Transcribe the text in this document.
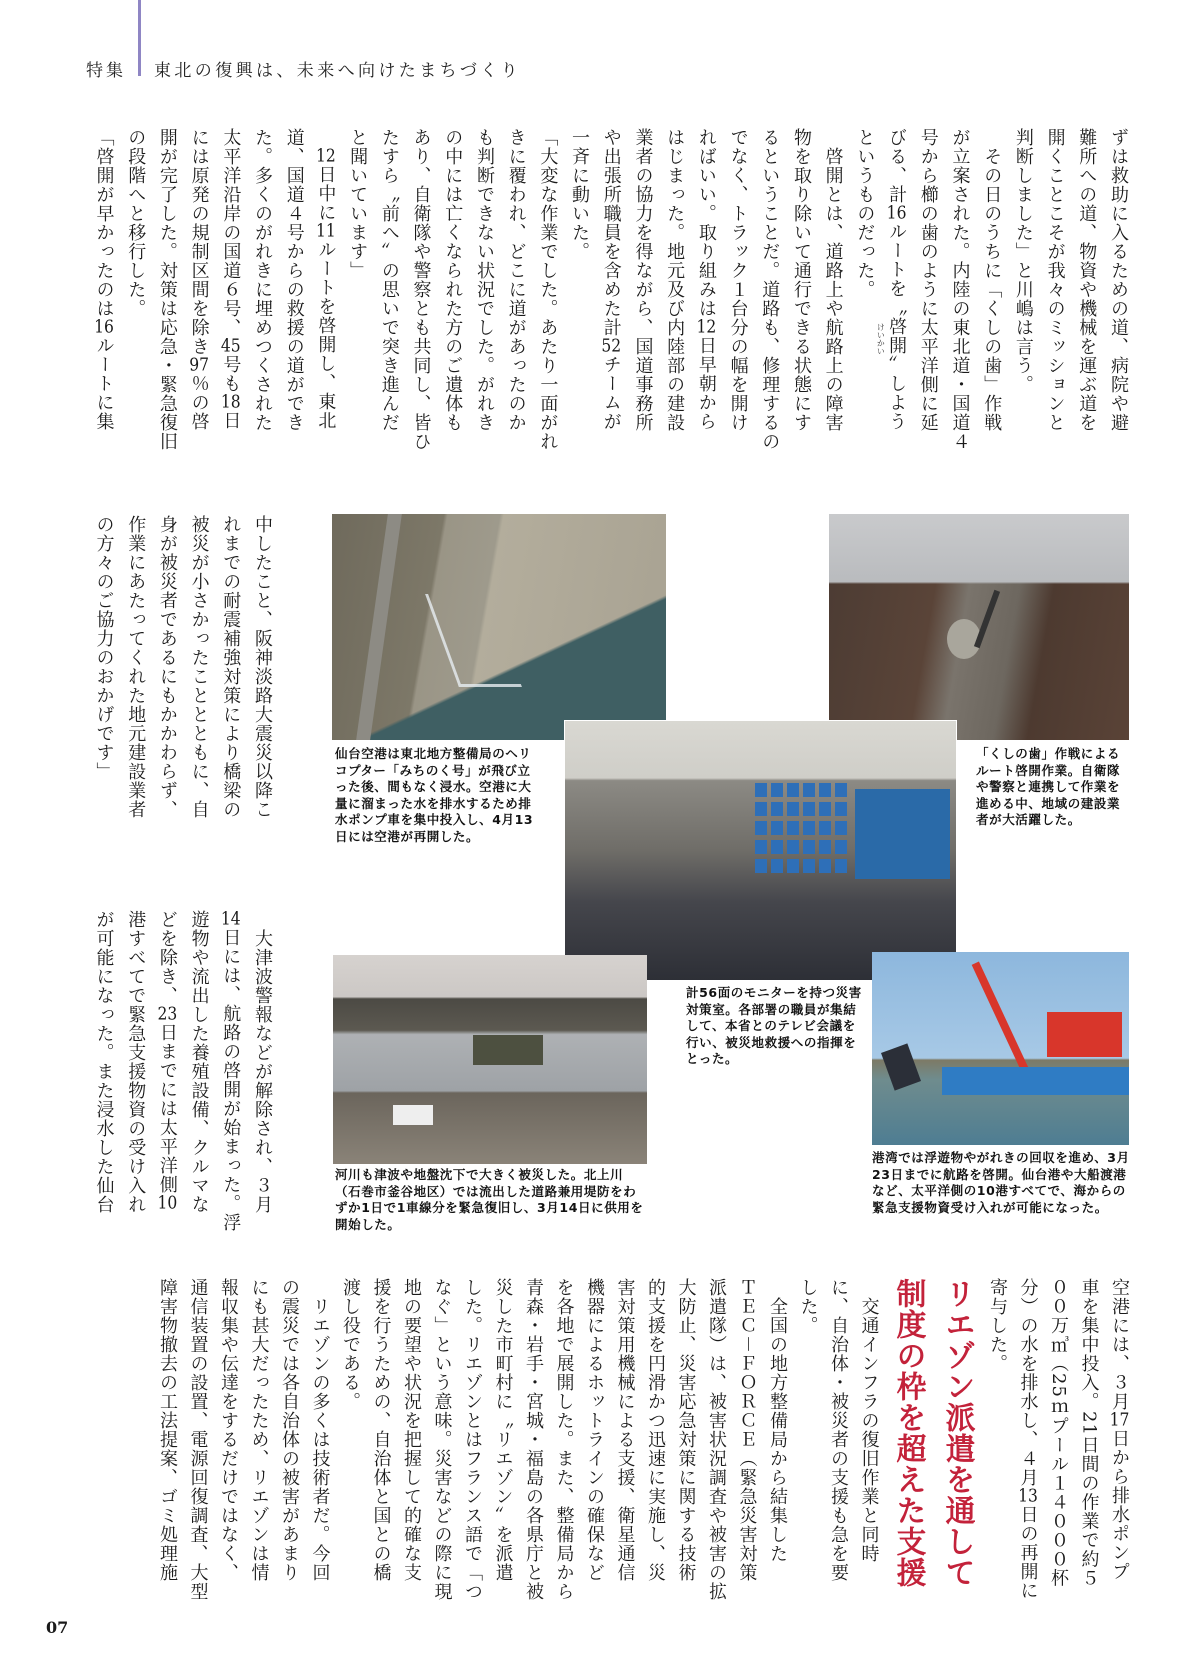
特集 東北の復興は、未来へ向けたまちづくり
ずは救助に入るための道、病院や避
難所への道、物資や機械を運ぶ道を
開くことこそが我々のミッションと
判断しました」と川嶋は言う。
　その日のうちに「くしの歯」作戦
が立案された。内陸の東北道・国道４
号から櫛の歯のように太平洋側に延
びる、計16ルートを〝啓開〟しよう
というものだった。
　啓開とは、道路上や航路上の障害
物を取り除いて通行できる状態にす
るということだ。道路も、修理するの
でなく、トラック１台分の幅を開け
ればいい。取り組みは12日早朝から
はじまった。地元及び内陸部の建設
業者の協力を得ながら、国道事務所
や出張所職員を含めた計52チームが
一斉に動いた。
「大変な作業でした。あたり一面がれ
きに覆われ、どこに道があったのか
も判断できない状況でした。がれき
の中には亡くなられた方のご遺体も
あり、自衛隊や警察とも共同し、皆ひ
たすら〝前へ〟の思いで突き進んだ
と聞いています」
　12日中に11ルートを啓開し、東北
道、国道４号からの救援の道ができ
た。多くのがれきに埋めつくされた
太平洋沿岸の国道６号、45号も18日
には原発の規制区間を除き97％の啓
開が完了した。対策は応急・緊急復旧
の段階へと移行した。
「啓開が早かったのは16ルートに集
仙台空港は東北地方整備局のヘリコプター「みちのく号」が飛び立った後、間もなく浸水。空港に大量に溜まった水を排水するため排水ポンプ車を集中投入し、4月13日には空港が再開した。
「くしの歯」作戦によるルート啓開作業。自衛隊や警察と連携して作業を進める中、地域の建設業者が大活躍した。
計56面のモニターを持つ災害対策室。各部署の職員が集結して、本省とのテレビ会議を行い、被災地救援への指揮をとった。
河川も津波や地盤沈下で大きく被災した。北上川（石巻市釜谷地区）では流出した道路兼用堤防をわずか1日で1車線分を緊急復旧し、3月14日に供用を開始した。
港湾では浮遊物やがれきの回収を進め、3月23日までに航路を啓開。仙台港や大船渡港など、太平洋側の10港すべてで、海からの緊急支援物資受け入れが可能になった。
中したこと、阪神淡路大震災以降こ
れまでの耐震補強対策により橋梁の
被災が小さかったこととともに、自
身が被災者であるにもかかわらず、
作業にあたってくれた地元建設業者
の方々のご協力のおかげです」
　大津波警報などが解除され、３月
14日には、航路の啓開が始まった。浮
遊物や流出した養殖設備、クルマな
どを除き、23日までには太平洋側10
港すべてで緊急支援物資の受け入れ
が可能になった。また浸水した仙台
空港には、３月17日から排水ポンプ
車を集中投入。21日間の作業で約５
００万㎥（25ｍプール１４０００杯
分）の水を排水し、４月13日の再開に
寄与した。
リエゾン派遣を通して
制度の枠を超えた支援
　交通インフラの復旧作業と同時
に、自治体・被災者の支援も急を要
した。
　全国の地方整備局から結集した
ＴＥＣ－ＦＯＲＣＥ（緊急災害対策
派遣隊）は、被害状況調査や被害の拡
大防止、災害応急対策に関する技術
的支援を円滑かつ迅速に実施し、災
害対策用機械による支援、衛星通信
機器によるホットラインの確保など
を各地で展開した。また、整備局から
青森・岩手・宮城・福島の各県庁と被
災した市町村に〝リエゾン〟を派遣
した。リエゾンとはフランス語で「つ
なぐ」という意味。災害などの際に現
地の要望や状況を把握して的確な支
援を行うための、自治体と国との橋
渡し役である。
　リエゾンの多くは技術者だ。今回
の震災では各自治体の被害があまり
にも甚大だったため、リエゾンは情
報収集や伝達をするだけではなく、
通信装置の設置、電源回復調査、大型
障害物撤去の工法提案、ゴミ処理施
07
けいかい
